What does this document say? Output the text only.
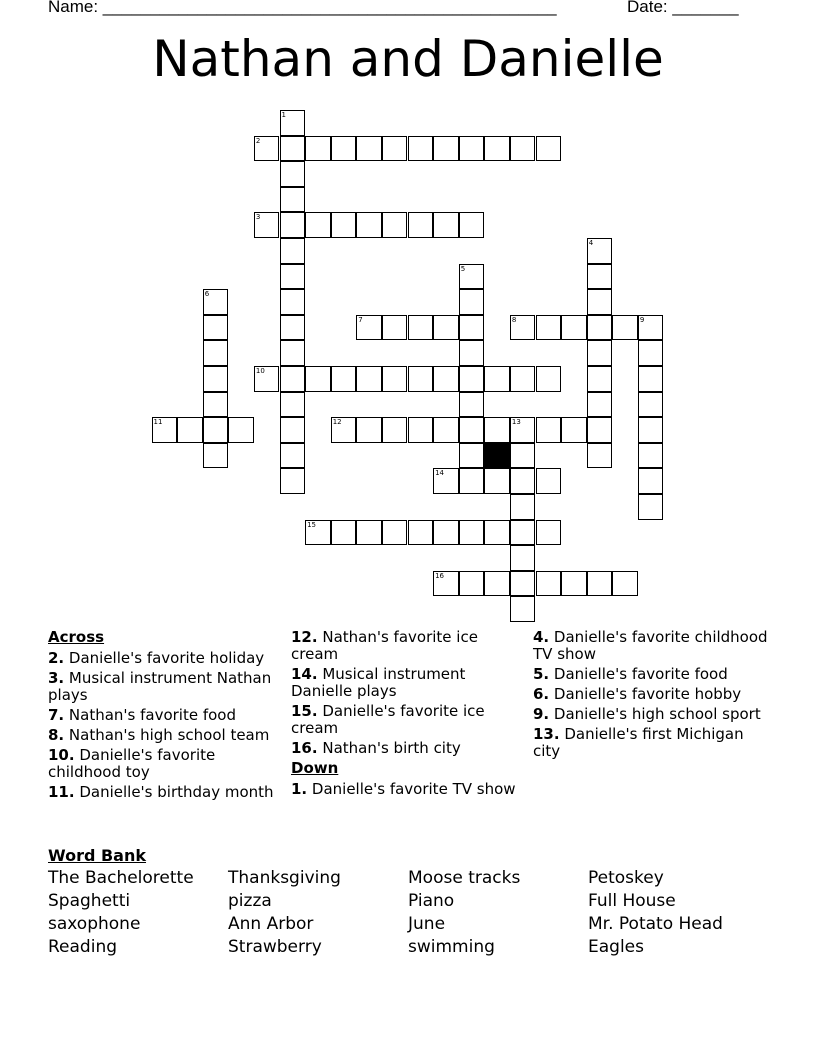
Name: ________________________________________________	Date: _______
Nathan and Danielle
2
3
7	8	9
10
11	12	13
14
15
16
1
4
5
6
Across
2. Danielle's favorite holiday
3. Musical instrument Nathan plays
7. Nathan's favorite food
8. Nathan's high school team
10. Danielle's favorite childhood toy
11. Danielle's birthday month
12. Nathan's favorite ice cream
14. Musical instrument Danielle plays
15. Danielle's favorite ice cream
16. Nathan's birth city
Down
1. Danielle's favorite TV show
4. Danielle's favorite childhood TV show
5. Danielle's favorite food
6. Danielle's favorite hobby
9. Danielle's high school sport
13. Danielle's first Michigan city
Word Bank
The Bachelorette	Thanksgiving	Moose tracks	Petoskey
Spaghetti	pizza	Piano	Full House
saxophone	Ann Arbor	June	Mr. Potato Head
Reading	Strawberry	swimming	Eagles
